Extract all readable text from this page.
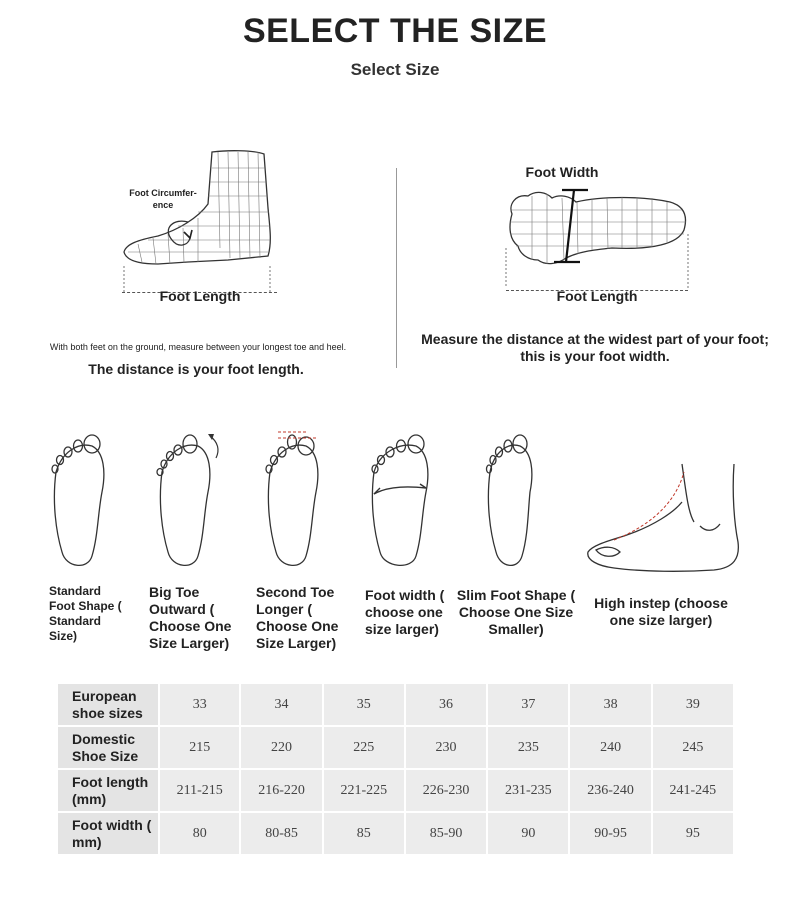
SELECT THE SIZE
Select Size
Foot Circumfer-
ence
Foot Length
With both feet on the ground, measure between your longest toe and heel.
The distance is your foot length.
Foot Width
Foot Length
Measure the distance at the widest part of your foot;
this is your foot width.
Standard
Foot Shape (
Standard
Size)
Big Toe
Outward (
Choose One
Size Larger)
Second Toe
Longer (
Choose One
Size Larger)
Foot width (
choose one
size larger)
Slim Foot Shape (
Choose One Size
Smaller)
High instep (choose
one size larger)
European
shoe sizes	33	34	35	36	37	38	39

Domestic
Shoe Size	215	220	225	230	235	240	245

Foot length
(mm)	211-215	216-220	221-225	226-230	231-235	236-240	241-245

Foot width (
mm)	80	80-85	85	85-90	90	90-95	95
